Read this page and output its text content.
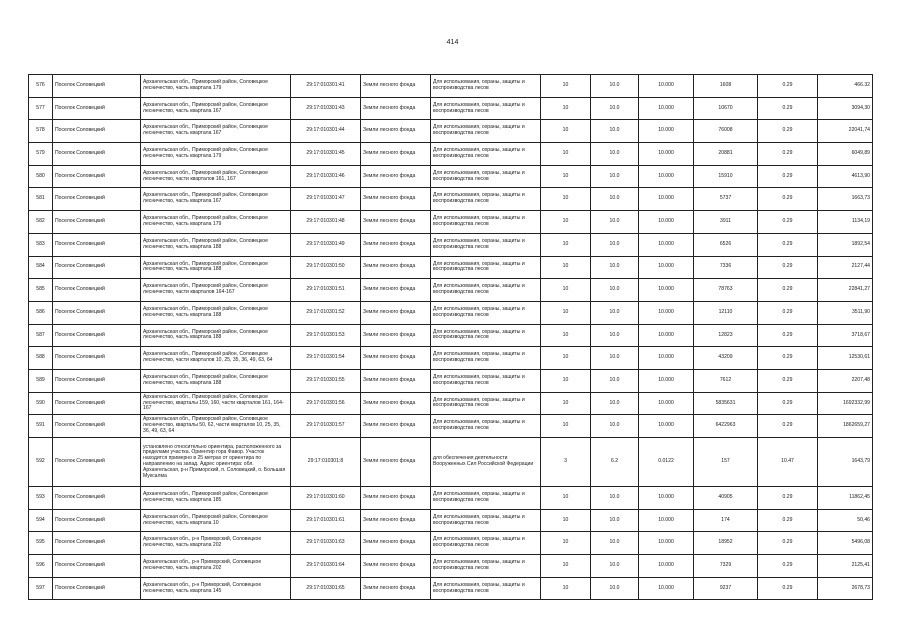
414
576	Поселок Соловецкий	Архангельская обл., Приморский район, Соловецкое лесничество, часть квартала 179	29:17:010301:41	Земли лесного фонда	Для использования, охраны, защиты и воспроизводства лесов	10	10.0	10.000	1608	0.29	466.32
577	Поселок Соловецкий	Архангельская обл., Приморский район, Соловецкое лесничество, часть квартала 167	29:17:010301:43	Земли лесного фонда	Для использования, охраны, защиты и воспроизводства лесов	10	10.0	10.000	10670	0.29	3094,30
578	Поселок Соловецкий	Архангельская обл., Приморский район, Соловецкое лесничество, часть квартала 167	29:17:010301:44	Земли лесного фонда	Для использования, охраны, защиты и воспроизводства лесов	10	10.0	10.000	76008	0.29	22041,74
579	Поселок Соловецкий	Архангельская обл., Приморский район, Соловецкое лесничество, часть квартала 179	29:17:010301:45	Земли лесного фонда	Для использования, охраны, защиты и воспроизводства лесов	10	10.0	10.000	20881	0.29	6049,89
580	Поселок Соловецкий	Архангельская обл., Приморский район, Соловецкое лесничество, части кварталов 161, 167	29:17:010301:46	Земли лесного фонда	Для использования, охраны, защиты и воспроизводства лесов	10	10.0	10.000	15910	0.29	4613,90
581	Поселок Соловецкий	Архангельская обл., Приморский район, Соловецкое лесничество, часть квартала 167	29:17:010301:47	Земли лесного фонда	Для использования, охраны, защиты и воспроизводства лесов	10	10.0	10.000	5737	0.29	1663,73
582	Поселок Соловецкий	Архангельская обл., Приморский район, Соловецкое лесничество, часть квартала 179	29:17:010301:48	Земли лесного фонда	Для использования, охраны, защиты и воспроизводства лесов	10	10.0	10.000	3911	0.29	1134,19
583	Поселок Соловецкий	Архангельская обл., Приморский район, Соловецкое лесничество, часть квартала 188	29:17:010301:49	Земли лесного фонда	Для использования, охраны, защиты и воспроизводства лесов	10	10.0	10.000	6526	0.29	1892,54
584	Поселок Соловецкий	Архангельская обл., Приморский район, Соловецкое лесничество, часть квартала 188	29:17:010301:50	Земли лесного фонда	Для использования, охраны, защиты и воспроизводства лесов	10	10.0	10.000	7336	0.29	2127,44
585	Поселок Соловецкий	Архангельская обл., Приморский район, Соловецкое лесничество, части кварталов 164-167	29:17:010301:51	Земли лесного фонда	Для использования, охраны, защиты и воспроизводства лесов	10	10.0	10.000	78763	0.29	22841,27
586	Поселок Соловецкий	Архангельская обл., Приморский район, Соловецкое лесничество, часть квартала 188	29:17:010301:52	Земли лесного фонда	Для использования, охраны, защиты и воспроизводства лесов	10	10.0	10.000	12110	0.29	3511,90
587	Поселок Соловецкий	Архангельская обл., Приморский район, Соловецкое лесничество, часть квартала 188	29:17:010301:53	Земли лесного фонда	Для использования, охраны, защиты и воспроизводства лесов	10	10.0	10.000	12823	0.29	3718,67
588	Поселок Соловецкий	Архангельская обл., Приморский район, Соловецкое лесничество, части кварталов 10, 25, 35, 36, 49, 63, 64	29:17:010301:54	Земли лесного фонда	Для использования, охраны, защиты и воспроизводства лесов	10	10.0	10.000	43209	0.29	12530,61
589	Поселок Соловецкий	Архангельская обл., Приморский район, Соловецкое лесничество, часть квартала 188	29:17:010301:55	Земли лесного фонда	Для использования, охраны, защиты и воспроизводства лесов	10	10.0	10.000	7612	0.29	2207,48
590	Поселок Соловецкий	Архангельская обл., Приморский район, Соловецкое лесничество, кварталы 159, 160, части кварталов 161, 164-167	29:17:010301:56	Земли лесного фонда	Для использования, охраны, защиты и воспроизводства лесов	10	10.0	10.000	5835631	0.29	1692332,99
591	Поселок Соловецкий	Архангельская обл., Приморский район, Соловецкое лесничество, кварталы 50, 62, части кварталов 10, 25, 35, 36, 49, 63, 64	29:17:010301:57	Земли лесного фонда	Для использования, охраны, защиты и воспроизводства лесов	10	10.0	10.000	6422963	0.29	1862659,27
592	Поселок Соловецкий	установлено относительно ориентира, расположенного за пределами участка. Ориентир гора Фавор. Участок находится примерно в 25 метрах от ориентира по направлению на запад. Адрес ориентира: обл. Архангельская, р-н Приморский, п. Соловецкий, о. Большая Муксалма	29:17:010301:8	Земли лесного фонда	для обеспечения деятельности Вооруженных Сил Российской Федерации	3	6.2	0.0122	157	10.47	1643,79
593	Поселок Соловецкий	Архангельская обл., Приморский район, Соловецкое лесничество, часть квартала 185	29:17:010301:60	Земли лесного фонда	Для использования, охраны, защиты и воспроизводства лесов	10	10.0	10.000	40905	0.29	11862,45
594	Поселок Соловецкий	Архангельская обл., Приморский район, Соловецкое лесничество, часть квартала 10	29:17:010301:61	Земли лесного фонда	Для использования, охраны, защиты и воспроизводства лесов	10	10.0	10.000	174	0.29	50,46
595	Поселок Соловецкий	Архангельская обл., р-н Приморский, Соловецкое лесничество, часть квартала 202	29:17:010301:63	Земли лесного фонда	Для использования, охраны, защиты и воспроизводства лесов	10	10.0	10.000	18952	0.29	5496,08
596	Поселок Соловецкий	Архангельская обл., р-н Приморский, Соловецкое лесничество, часть квартала 202	29:17:010301:64	Земли лесного фонда	Для использования, охраны, защиты и воспроизводства лесов	10	10.0	10.000	7329	0.29	2125,41
597	Поселок Соловецкий	Архангельская обл., р-н Приморский, Соловецкое лесничество, часть квартала 145	29:17:010301:65	Земли лесного фонда	Для использования, охраны, защиты и воспроизводства лесов	10	10.0	10.000	9237	0.29	2678,73
